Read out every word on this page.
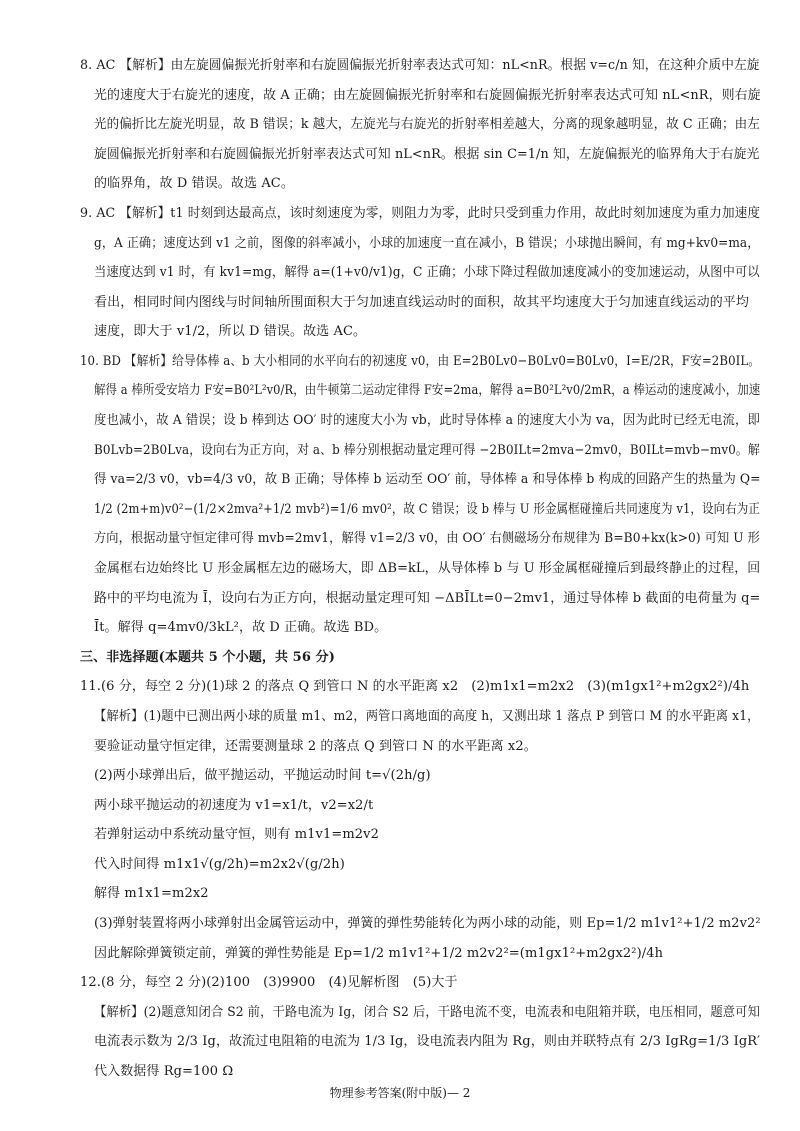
8. AC 【解析】由左旋圆偏振光折射率和右旋圆偏振光折射率表达式可知：nL<nR。根据 v=c/n 知，在这种介质中左旋
光的速度大于右旋光的速度，故 A 正确；由左旋圆偏振光折射率和右旋圆偏振光折射率表达式可知 nL<nR，则右旋
光的偏折比左旋光明显，故 B 错误；k 越大，左旋光与右旋光的折射率相差越大，分离的现象越明显，故 C 正确；由左
旋圆偏振光折射率和右旋圆偏振光折射率表达式可知 nL<nR。根据 sin C=1/n 知，左旋偏振光的临界角大于右旋光
的临界角，故 D 错误。故选 AC。
9. AC 【解析】t1 时刻到达最高点，该时刻速度为零，则阻力为零，此时只受到重力作用，故此时刻加速度为重力加速度
g，A 正确；速度达到 v1 之前，图像的斜率减小，小球的加速度一直在减小，B 错误；小球抛出瞬间，有 mg+kv0=ma，
当速度达到 v1 时，有 kv1=mg，解得 a=(1+v0/v1)g，C 正确；小球下降过程做加速度减小的变加速运动，从图中可以
看出，相同时间内图线与时间轴所围面积大于匀加速直线运动时的面积，故其平均速度大于匀加速直线运动的平均
速度，即大于 v1/2，所以 D 错误。故选 AC。
10. BD 【解析】给导体棒 a、b 大小相同的水平向右的初速度 v0，由 E=2B0Lv0−B0Lv0=B0Lv0，I=E/2R，F安=2B0IL。
解得 a 棒所受安培力 F安=B0²L²v0/R，由牛顿第二运动定律得 F安=2ma，解得 a=B0²L²v0/2mR，a 棒运动的速度减小，加速
度也减小，故 A 错误；设 b 棒到达 OO′ 时的速度大小为 vb，此时导体棒 a 的速度大小为 va，因为此时已经无电流，即
B0Lvb=2B0Lva，设向右为正方向，对 a、b 棒分别根据动量定理可得 −2B0ILt=2mva−2mv0，B0ILt=mvb−mv0。解
得 va=2/3 v0，vb=4/3 v0，故 B 正确；导体棒 b 运动至 OO′ 前，导体棒 a 和导体棒 b 构成的回路产生的热量为 Q=
1/2 (2m+m)v0²−(1/2×2mva²+1/2 mvb²)=1/6 mv0²，故 C 错误；设 b 棒与 U 形金属框碰撞后共同速度为 v1，设向右为正
方向，根据动量守恒定律可得 mvb=2mv1，解得 v1=2/3 v0，由 OO′ 右侧磁场分布规律为 B=B0+kx(k>0) 可知 U 形
金属框右边始终比 U 形金属框左边的磁场大，即 ΔB=kL，从导体棒 b 与 U 形金属框碰撞后到最终静止的过程，回
路中的平均电流为 Ī，设向右为正方向，根据动量定理可知 −ΔBĪLt=0−2mv1，通过导体棒 b 截面的电荷量为 q=
Īt。解得 q=4mv0/3kL²，故 D 正确。故选 BD。
三、非选择题(本题共 5 个小题，共 56 分)
11.(6 分，每空 2 分)(1)球 2 的落点 Q 到管口 N 的水平距离 x2　(2)m1x1=m2x2　(3)(m1gx1²+m2gx2²)/4h
【解析】(1)题中已测出两小球的质量 m1、m2，两管口离地面的高度 h，又测出球 1 落点 P 到管口 M 的水平距离 x1，
要验证动量守恒定律，还需要测量球 2 的落点 Q 到管口 N 的水平距离 x2。
(2)两小球弹出后，做平抛运动，平抛运动时间 t=√(2h/g)
两小球平抛运动的初速度为 v1=x1/t，v2=x2/t
若弹射运动中系统动量守恒，则有 m1v1=m2v2
代入时间得 m1x1√(g/2h)=m2x2√(g/2h)
解得 m1x1=m2x2
(3)弹射装置将两小球弹射出金属管运动中，弹簧的弹性势能转化为两小球的动能，则 Ep=1/2 m1v1²+1/2 m2v2²
因此解除弹簧锁定前，弹簧的弹性势能是 Ep=1/2 m1v1²+1/2 m2v2²=(m1gx1²+m2gx2²)/4h
12.(8 分，每空 2 分)(2)100　(3)9900　(4)见解析图　(5)大于
【解析】(2)题意知闭合 S2 前，干路电流为 Ig，闭合 S2 后，干路电流不变，电流表和电阻箱并联，电压相同，题意可知
电流表示数为 2/3 Ig，故流过电阻箱的电流为 1/3 Ig，设电流表内阻为 Rg，则由并联特点有 2/3 IgRg=1/3 IgR′
代入数据得 Rg=100 Ω
物理参考答案(附中版)— 2
